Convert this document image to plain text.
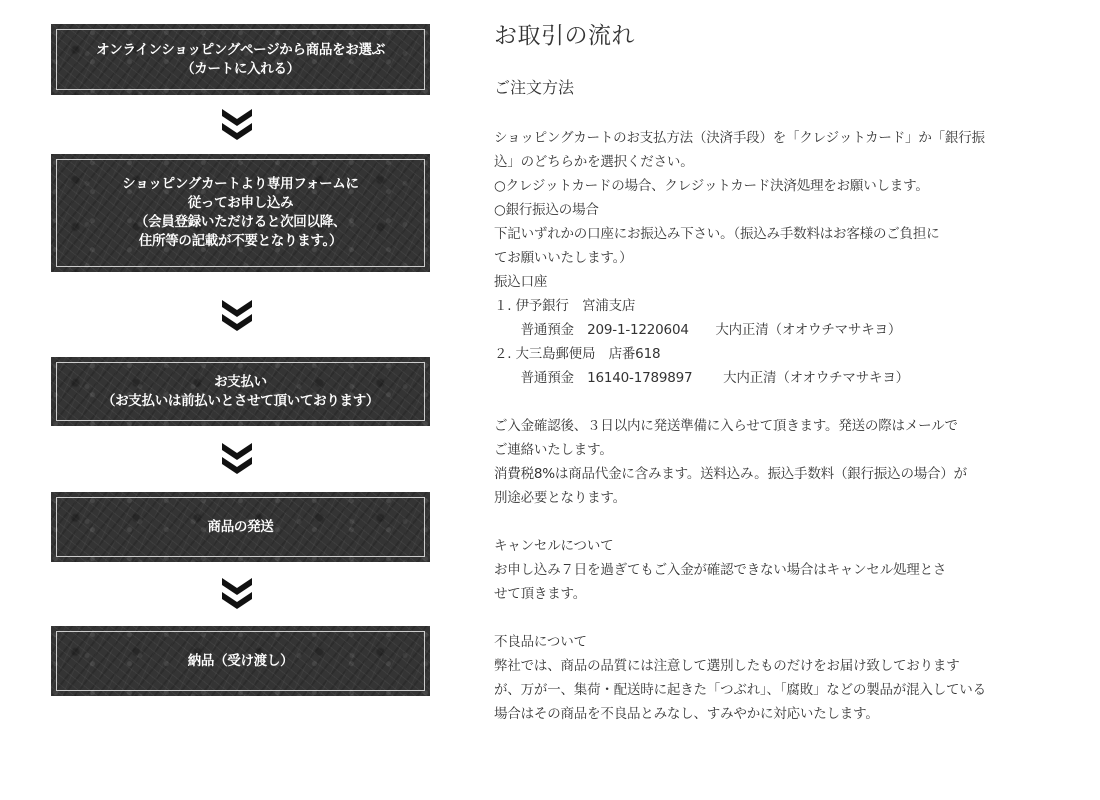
オンラインショッピングページから商品をお選ぶ
（カートに入れる）
ショッピングカートより専用フォームに
従ってお申し込み
（会員登録いただけると次回以降、
住所等の記載が不要となります。）
お支払い
（お支払いは前払いとさせて頂いております）
商品の発送
納品（受け渡し）
お取引の流れ
ご注文方法
ショッピングカートのお支払方法（決済手段）を「クレジットカード」か「銀行振
込」のどちらかを選択ください。
○クレジットカードの場合、クレジットカード決済処理をお願いします。
○銀行振込の場合
下記いずれかの口座にお振込み下さい。（振込み手数料はお客様のご負担に
てお願いいたします。）
振込口座
１. 伊予銀行　宮浦支店
　　普通預金　209-1-1220604　　大内正清（オオウチマサキヨ）
２. 大三島郵便局　店番618
　　普通預金　16140-1789897　　 大内正清（オオウチマサキヨ）
ご入金確認後、３日以内に発送準備に入らせて頂きます。発送の際はメールで
ご連絡いたします。
消費税8%は商品代金に含みます。送料込み。振込手数料（銀行振込の場合）が
別途必要となります。
キャンセルについて
お申し込み７日を過ぎてもご入金が確認できない場合はキャンセル処理とさ
せて頂きます。
不良品について
弊社では、商品の品質には注意して選別したものだけをお届け致しております
が、万が一、集荷・配送時に起きた「つぶれ」、「腐敗」などの製品が混入している
場合はその商品を不良品とみなし、すみやかに対応いたします。
